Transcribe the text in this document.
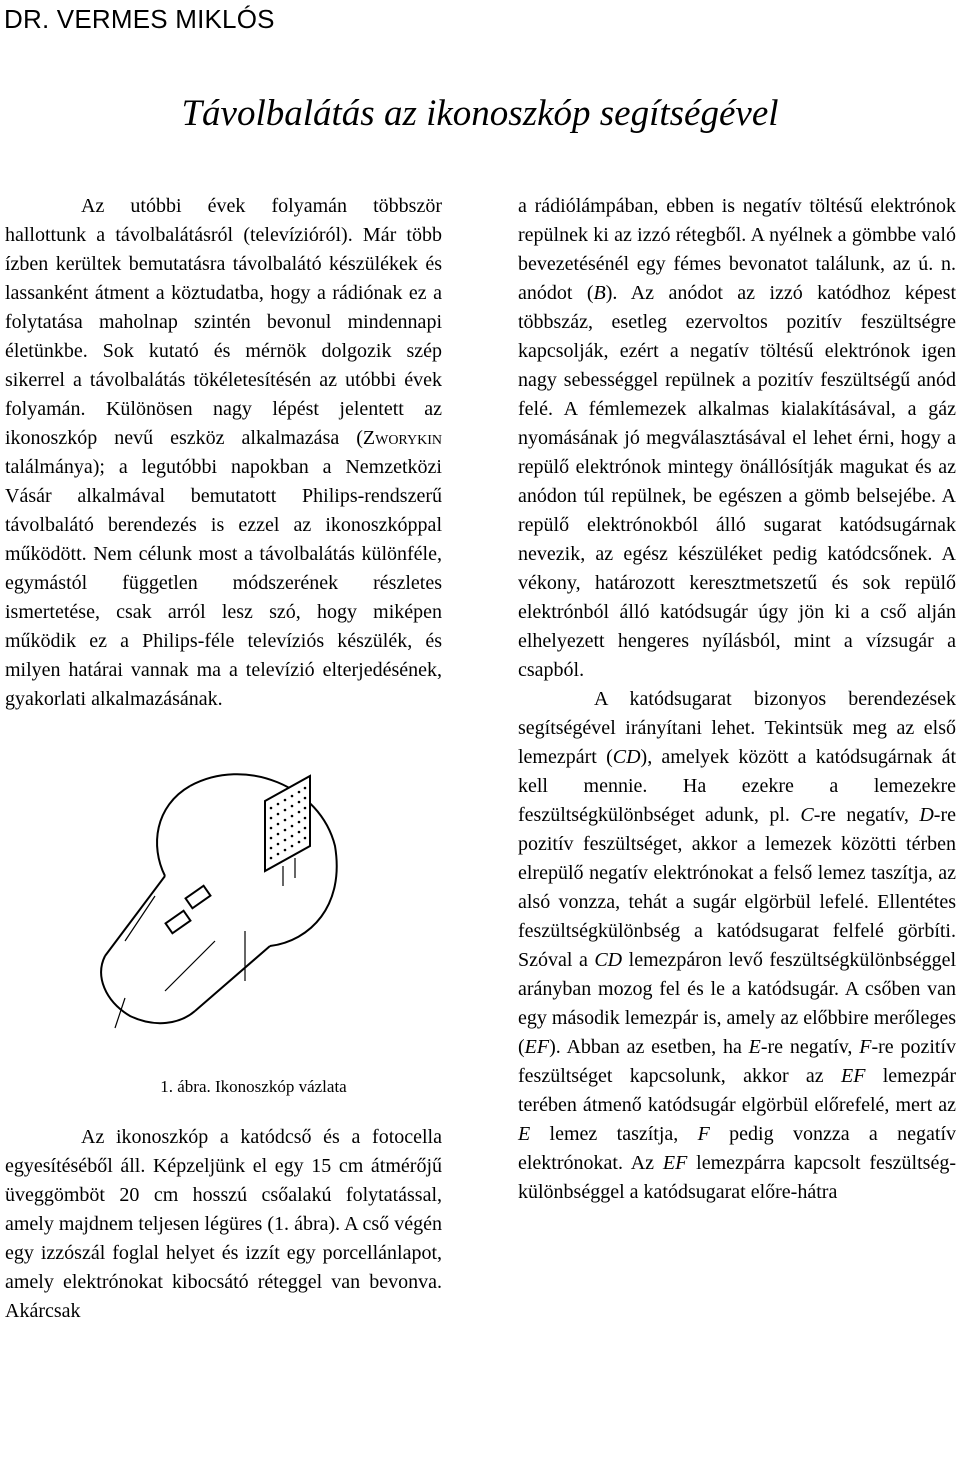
DR. VERMES MIKLÓS
Távolbalátás az ikonoszkóp segítségével

Az utóbbi évek folyamán többször hallottunk a távolbalátásról (televízióról). Már több ízben kerültek bemutatásra távolbalátó készülékek és lassanként átment a köztudatba, hogy a rádiónak ez a folytatása maholnap szintén bevonul mindennapi életünkbe. Sok kutató és mérnök dolgozik szép sikerrel a távolbalátás tökéletesítésén az utóbbi évek folyamán. Különösen nagy lépést jelentett az ikonoszkóp nevű eszköz alkalmazása (Zworykin találmánya); a legutóbbi napokban a Nemzetközi Vásár alkalmával bemutatott Philips-rendszerű távolbalátó berendezés is ezzel az ikonoszkóppal működött. Nem célunk most a távolbalátás különféle, egymástól független módszerének részletes ismertetése, csak arról lesz szó, hogy miképen működik ez a Philips-féle televíziós készülék, és milyen határai vannak ma a televízió elterjedésének, gyakorlati alkalmazásának.

1. ábra. Ikonoszkóp vázlata

Az ikonoszkóp a katódcső és a fotocella egyesítéséből áll. Képzeljünk el egy 15 cm átmérőjű üveggömböt 20 cm hosszú csőalakú folytatással, amely majdnem teljesen légüres (1. ábra). A cső végén egy izzószál foglal helyet és izzít egy porcellánlapot, amely elektrónokat kibocsátó réteggel van bevonva. Akárcsak

a rádiólámpában, ebben is negatív töltésű elektrónok repülnek ki az izzó rétegből. A nyélnek a gömbbe való bevezetésénél egy fémes bevonatot találunk, az ú. n. anódot (B). Az anódot az izzó katódhoz képest többszáz, esetleg ezervoltos pozitív feszültségre kapcsolják, ezért a negatív töltésű elektrónok igen nagy sebességgel repülnek a pozitív feszültségű anód felé. A fémlemezek alkalmas kialakításával, a gáz nyomásának jó megválasztásával el lehet érni, hogy a repülő elektrónok mintegy önállósítják magukat és az anódon túl repülnek, be egészen a gömb belsejébe. A repülő elektrónokból álló sugarat katódsugárnak nevezik, az egész készüléket pedig katódcsőnek. A vékony, határozott keresztmetszetű és sok repülő elektrónból álló katódsugár úgy jön ki a cső alján elhelyezett hengeres nyílásból, mint a vízsugár a csapból.

A katódsugarat bizonyos berendezések segítségével irányítani lehet. Tekintsük meg az első lemezpárt (CD), amelyek között a katódsugárnak át kell mennie. Ha ezekre a lemezekre feszültségkülönbséget adunk, pl. C-re negatív, D-re pozitív feszültséget, akkor a lemezek közötti térben elrepülő negatív elektrónokat a felső lemez taszítja, az alsó vonzza, tehát a sugár elgörbül lefelé. Ellentétes feszültségkülönbség a katódsugarat felfelé görbíti. Szóval a CD lemezpáron levő feszültségkülönbséggel arányban mozog fel és le a katódsugár. A csőben van egy második lemezpár is, amely az előbbire merőleges (EF). Abban az esetben, ha E-re negatív, F-re pozitív feszültséget kapcsolunk, akkor az EF lemezpár terében átmenő katódsugár elgörbül előrefelé, mert az E lemez taszítja, F pedig vonzza a negatív elektrónokat. Az EF lemezpárra kapcsolt feszültség-különbséggel a katódsugarat előre-hátra
